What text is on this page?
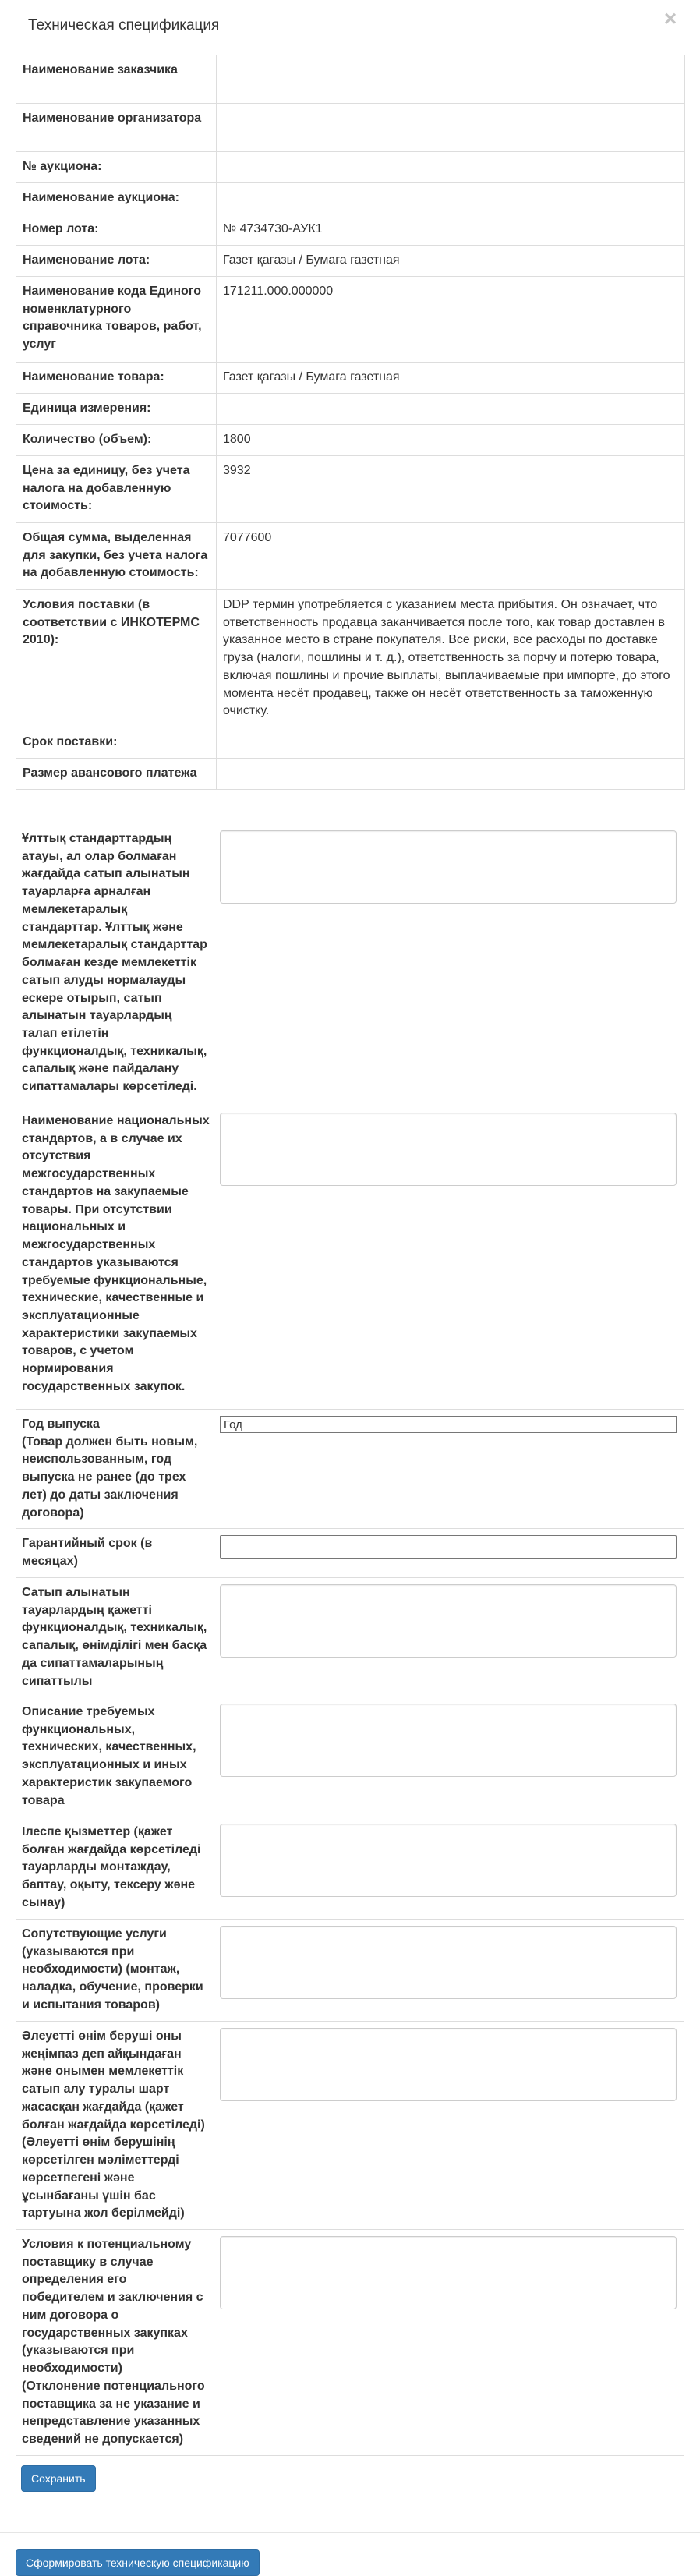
Техническая спецификация	×
Наименование заказчика	
Наименование организатора	
№ аукциона:	
Наименование аукциона:	
Номер лота:	№ 4734730-АУК1
Наименование лота:	Газет қағазы / Бумага газетная
Наименование кода Единого номенклатурного справочника товаров, работ, услуг	171211.000.000000
Наименование товара:	Газет қағазы / Бумага газетная
Единица измерения:	
Количество (объем):	1800
Цена за единицу, без учета налога на добавленную стоимость:	3932
Общая сумма, выделенная для закупки, без учета налога на добавленную стоимость:	7077600
Условия поставки (в соответствии с ИНКОТЕРМС 2010):	DDP термин употребляется с указанием места прибытия. Он означает, что ответственность продавца заканчивается после того, как товар доставлен в указанное место в стране покупателя. Все риски, все расходы по доставке груза (налоги, пошлины и т. д.), ответственность за порчу и потерю товара, включая пошлины и прочие выплаты, выплачиваемые при импорте, до этого момента несёт продавец, также он несёт ответственность за таможенную очистку.
Срок поставки:	
Размер авансового платежа	
Ұлттық стандарттардың атауы, ал олар болмаған жағдайда сатып алынатын тауарларға арналған мемлекетаралық стандарттар. Ұлттық және мемлекетаралық стандарттар болмаған кезде мемлекеттік сатып алуды нормалауды ескере отырып, сатып алынатын тауарлардың талап етілетін функционалдық, техникалық, сапалық және пайдалану сипаттамалары көрсетіледі.
Наименование национальных стандартов, а в случае их отсутствия межгосударственных стандартов на закупаемые товары. При отсутствии национальных и межгосударственных стандартов указываются требуемые функциональные, технические, качественные и эксплуатационные характеристики закупаемых товаров, с учетом нормирования государственных закупок.
Год выпуска
(Товар должен быть новым, неиспользованным, год выпуска не ранее (до трех лет) до даты заключения договора)
Год
Гарантийный срок (в месяцах)
Сатып алынатын тауарлардың қажетті функционалдық, техникалық, сапалық, өнімділігі мен басқа да сипаттамаларының сипаттылы
Описание требуемых функциональных, технических, качественных, эксплуатационных и иных характеристик закупаемого товара
Ілеспе қызметтер (қажет болған жағдайда көрсетіледі тауарларды монтаждау, баптау, оқыту, тексеру және сынау)
Сопутствующие услуги (указываются при необходимости) (монтаж, наладка, обучение, проверки и испытания товаров)
Әлеуетті өнім беруші оны жеңімпаз деп айқындаған және онымен мемлекеттік сатып алу туралы шарт жасасқан жағдайда (қажет болған жағдайда көрсетіледі)
(Әлеуетті өнім берушінің көрсетілген мәліметтерді көрсетпегені және ұсынбағаны үшін бас тартуына жол берілмейді)
Условия к потенциальному поставщику в случае определения его победителем и заключения с ним договора о государственных закупках (указываются при необходимости)
(Отклонение потенциального поставщика за не указание и непредставление указанных сведений не допускается)
Сохранить
Сформировать техническую спецификацию
